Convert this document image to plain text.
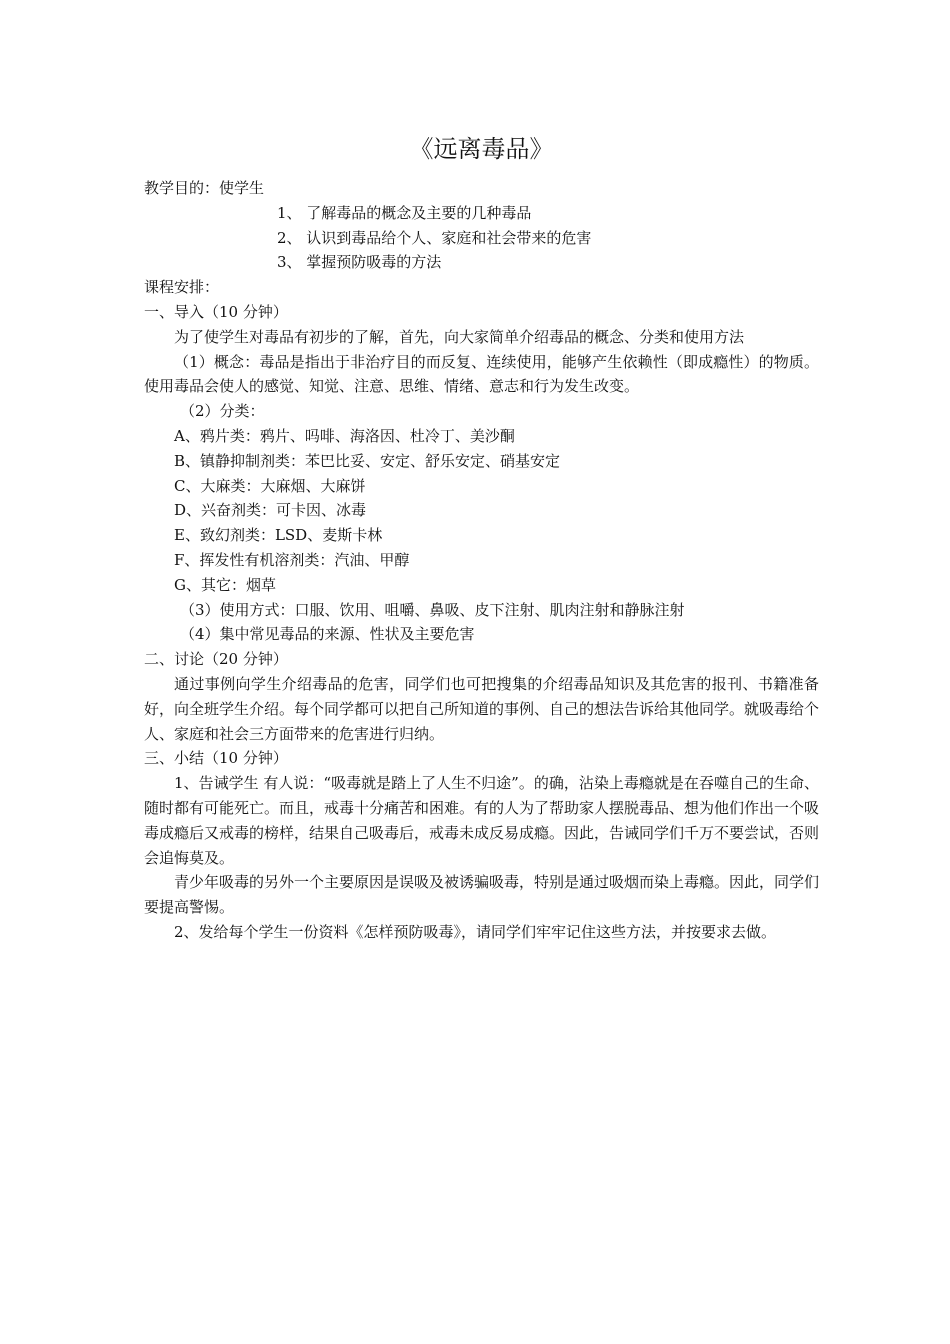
《远离毒品》

教学目的：使学生

1、 了解毒品的概念及主要的几种毒品

2、 认识到毒品给个人、家庭和社会带来的危害

3、 掌握预防吸毒的方法

课程安排：

一、导入（10 分钟）

为了使学生对毒品有初步的了解，首先，向大家简单介绍毒品的概念、分类和使用方法

（1）概念：毒品是指出于非治疗目的而反复、连续使用，能够产生依赖性（即成瘾性）的物质。使用毒品会使人的感觉、知觉、注意、思维、情绪、意志和行为发生改变。

（2）分类：

A、鸦片类：鸦片、吗啡、海洛因、杜冷丁、美沙酮

B、镇静抑制剂类：苯巴比妥、安定、舒乐安定、硝基安定

C、大麻类：大麻烟、大麻饼

D、兴奋剂类：可卡因、冰毒

E、致幻剂类：LSD、麦斯卡林

F、挥发性有机溶剂类：汽油、甲醇

G、其它：烟草

（3）使用方式：口服、饮用、咀嚼、鼻吸、皮下注射、肌肉注射和静脉注射

（4）集中常见毒品的来源、性状及主要危害

二、讨论（20 分钟）

通过事例向学生介绍毒品的危害，同学们也可把搜集的介绍毒品知识及其危害的报刊、书籍准备好，向全班学生介绍。每个同学都可以把自己所知道的事例、自己的想法告诉给其他同学。就吸毒给个人、家庭和社会三方面带来的危害进行归纳。

三、小结（10 分钟）

1、告诫学生 有人说：“吸毒就是踏上了人生不归途”。的确，沾染上毒瘾就是在吞噬自己的生命、随时都有可能死亡。而且，戒毒十分痛苦和困难。有的人为了帮助家人摆脱毒品、想为他们作出一个吸毒成瘾后又戒毒的榜样，结果自己吸毒后，戒毒未成反易成瘾。因此，告诫同学们千万不要尝试，否则会追悔莫及。

青少年吸毒的另外一个主要原因是误吸及被诱骗吸毒，特别是通过吸烟而染上毒瘾。因此，同学们要提高警惕。

2、发给每个学生一份资料《怎样预防吸毒》，请同学们牢牢记住这些方法，并按要求去做。
